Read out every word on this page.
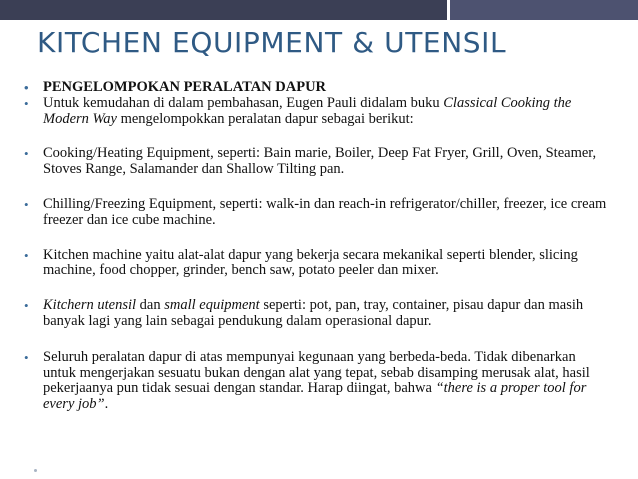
KITCHEN EQUIPMENT & UTENSIL
• PENGELOMPOKAN PERALATAN DAPUR
• Untuk kemudahan di dalam pembahasan, Eugen Pauli didalam buku Classical Cooking the Modern Way mengelompokkan peralatan dapur sebagai berikut:
• Cooking/Heating Equipment, seperti: Bain marie, Boiler, Deep Fat Fryer, Grill, Oven, Steamer, Stoves Range, Salamander dan Shallow Tilting pan.
• Chilling/Freezing Equipment, seperti: walk-in dan reach-in refrigerator/chiller, freezer, ice cream freezer dan ice cube machine.
• Kitchen machine yaitu alat-alat dapur yang bekerja secara mekanikal seperti blender, slicing machine, food chopper, grinder, bench saw, potato peeler dan mixer.
• Kitchern utensil dan small equipment seperti: pot, pan, tray, container, pisau dapur dan masih banyak lagi yang lain sebagai pendukung dalam operasional dapur.
• Seluruh peralatan dapur di atas mempunyai kegunaan yang berbeda-beda. Tidak dibenarkan untuk mengerjakan sesuatu bukan dengan alat yang tepat, sebab disamping merusak alat, hasil pekerjaanya pun tidak sesuai dengan standar. Harap diingat, bahwa “there is a proper tool for every job”.
